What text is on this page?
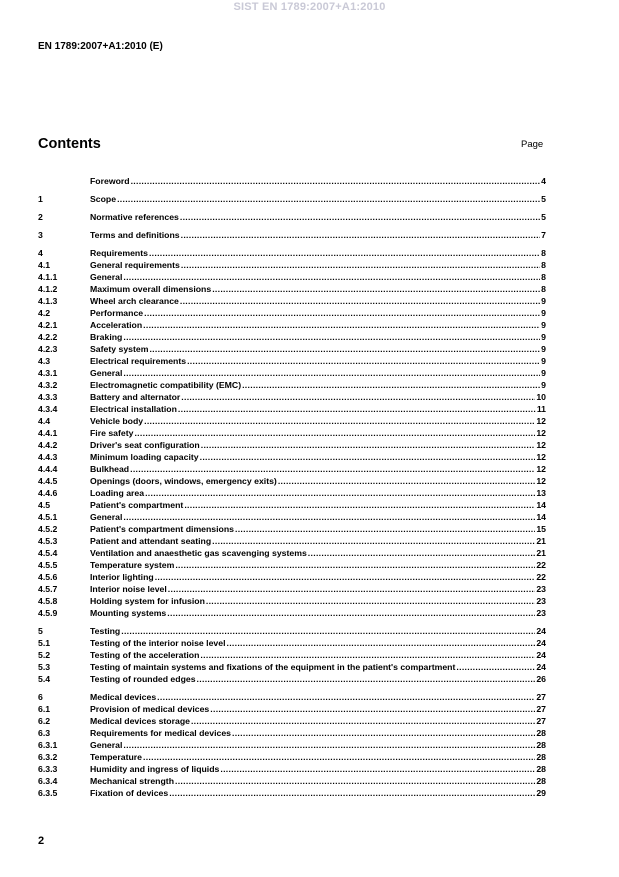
SIST EN 1789:2007+A1:2010
EN 1789:2007+A1:2010 (E)
Contents	Page
Foreword .....	4
1	Scope .....	5
2	Normative references .....	5
3	Terms and definitions .....	7
4	Requirements .....	8
4.1	General requirements .....	8
4.1.1	General .....	8
4.1.2	Maximum overall dimensions .....	8
4.1.3	Wheel arch clearance .....	9
4.2	Performance .....	9
4.2.1	Acceleration .....	9
4.2.2	Braking .....	9
4.2.3	Safety system .....	9
4.3	Electrical requirements .....	9
4.3.1	General .....	9
4.3.2	Electromagnetic compatibility (EMC) .....	9
4.3.3	Battery and alternator .....	10
4.3.4	Electrical installation .....	11
4.4	Vehicle body .....	12
4.4.1	Fire safety .....	12
4.4.2	Driver's seat configuration .....	12
4.4.3	Minimum loading capacity .....	12
4.4.4	Bulkhead .....	12
4.4.5	Openings (doors, windows, emergency exits) .....	12
4.4.6	Loading area .....	13
4.5	Patient's compartment .....	14
4.5.1	General .....	14
4.5.2	Patient's compartment dimensions .....	15
4.5.3	Patient and attendant seating .....	21
4.5.4	Ventilation and anaesthetic gas scavenging systems .....	21
4.5.5	Temperature system .....	22
4.5.6	Interior lighting .....	22
4.5.7	Interior noise level .....	23
4.5.8	Holding system for infusion .....	23
4.5.9	Mounting systems .....	23
5	Testing .....	24
5.1	Testing of the interior noise level .....	24
5.2	Testing of the acceleration .....	24
5.3	Testing of maintain systems and fixations of the equipment in the patient's compartment .....	24
5.4	Testing of rounded edges .....	26
6	Medical devices .....	27
6.1	Provision of medical devices .....	27
6.2	Medical devices storage .....	27
6.3	Requirements for medical devices .....	28
6.3.1	General .....	28
6.3.2	Temperature .....	28
6.3.3	Humidity and ingress of liquids .....	28
6.3.4	Mechanical strength .....	28
6.3.5	Fixation of devices .....	29
2
